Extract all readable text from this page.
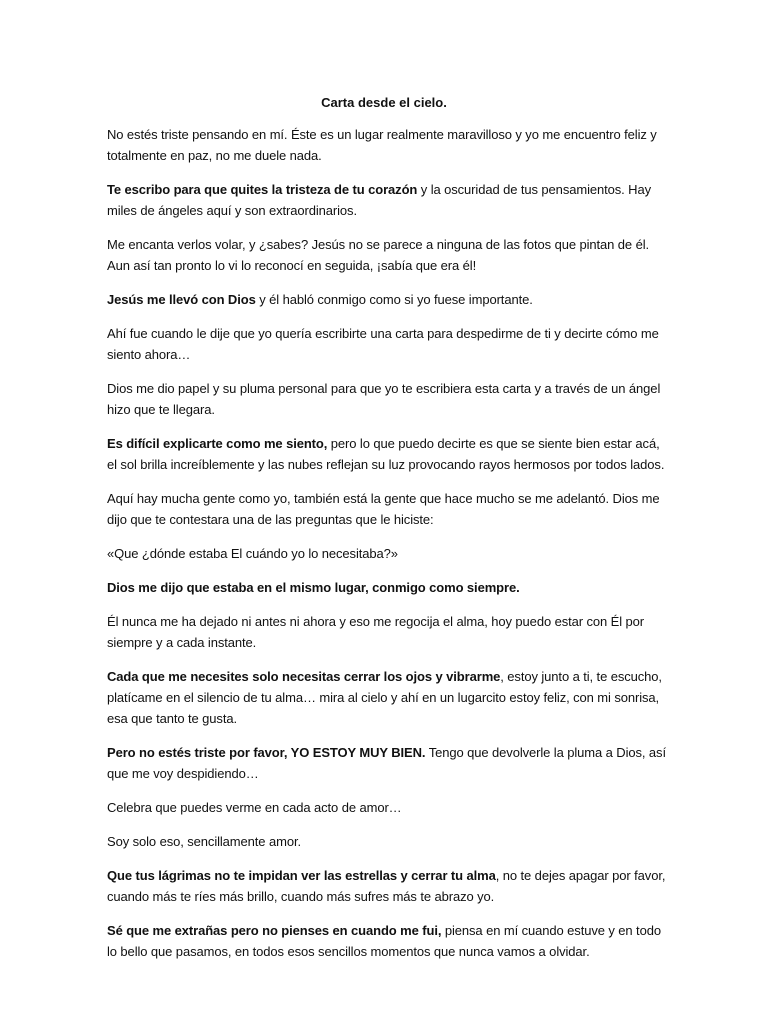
Carta desde el cielo.

No estés triste pensando en mí. Éste es un lugar realmente maravilloso y yo me encuentro feliz y totalmente en paz, no me duele nada.

Te escribo para que quites la tristeza de tu corazón y la oscuridad de tus pensamientos. Hay miles de ángeles aquí y son extraordinarios.

Me encanta verlos volar, y ¿sabes? Jesús no se parece a ninguna de las fotos que pintan de él. Aun así tan pronto lo vi lo reconocí en seguida, ¡sabía que era él!

Jesús me llevó con Dios y él habló conmigo como si yo fuese importante.

Ahí fue cuando le dije que yo quería escribirte una carta para despedirme de ti y decirte cómo me siento ahora…

Dios me dio papel y su pluma personal para que yo te escribiera esta carta y a través de un ángel hizo que te llegara.

Es difícil explicarte como me siento, pero lo que puedo decirte es que se siente bien estar acá, el sol brilla increíblemente y las nubes reflejan su luz provocando rayos hermosos por todos lados.

Aquí hay mucha gente como yo, también está la gente que hace mucho se me adelantó. Dios me dijo que te contestara una de las preguntas que le hiciste:

«Que ¿dónde estaba El cuándo yo lo necesitaba?»

Dios me dijo que estaba en el mismo lugar, conmigo como siempre.

Él nunca me ha dejado ni antes ni ahora y eso me regocija el alma, hoy puedo estar con Él por siempre y a cada instante.

Cada que me necesites solo necesitas cerrar los ojos y vibrarme, estoy junto a ti, te escucho, platícame en el silencio de tu alma… mira al cielo y ahí en un lugarcito estoy feliz, con mi sonrisa, esa que tanto te gusta.

Pero no estés triste por favor, YO ESTOY MUY BIEN. Tengo que devolverle la pluma a Dios, así que me voy despidiendo…

Celebra que puedes verme en cada acto de amor…

Soy solo eso, sencillamente amor.

Que tus lágrimas no te impidan ver las estrellas y cerrar tu alma, no te dejes apagar por favor, cuando más te ríes más brillo, cuando más sufres más te abrazo yo.

Sé que me extrañas pero no pienses en cuando me fui, piensa en mí cuando estuve y en todo lo bello que pasamos, en todos esos sencillos momentos que nunca vamos a olvidar.
